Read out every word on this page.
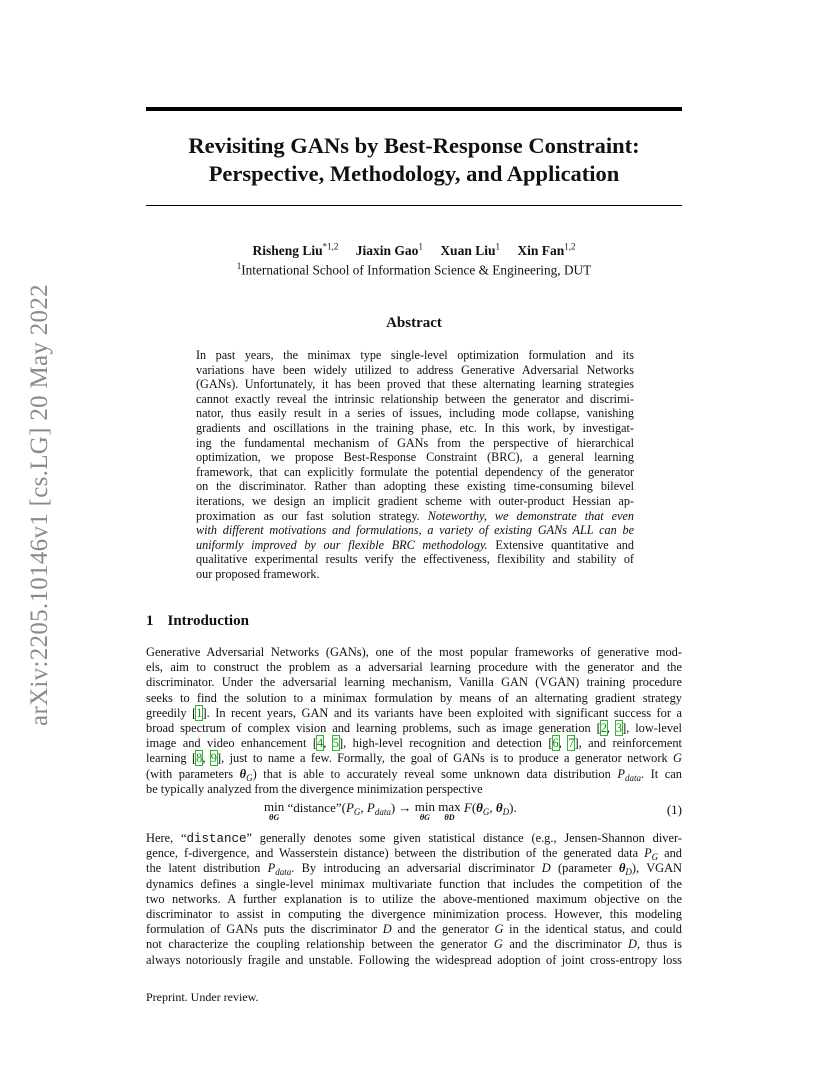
arXiv:2205.10146v1 [cs.LG] 20 May 2022
Revisiting GANs by Best-Response Constraint:
Perspective, Methodology, and Application
Risheng Liu$^{*1,2}$ Jiaxin Gao$^1$ Xuan Liu$^1$ Xin Fan$^{1,2}$
$^1$International School of Information Science & Engineering, DUT
Abstract
In past years, the minimax type single-level optimization formulation and its
variations have been widely utilized to address Generative Adversarial Networks
(GANs). Unfortunately, it has been proved that these alternating learning strategies
cannot exactly reveal the intrinsic relationship between the generator and discrimi-
nator, thus easily result in a series of issues, including mode collapse, vanishing
gradients and oscillations in the training phase, etc. In this work, by investigat-
ing the fundamental mechanism of GANs from the perspective of hierarchical
optimization, we propose Best-Response Constraint (BRC), a general learning
framework, that can explicitly formulate the potential dependency of the generator
on the discriminator. Rather than adopting these existing time-consuming bilevel
iterations, we design an implicit gradient scheme with outer-product Hessian ap-
proximation as our fast solution strategy. Noteworthy, we demonstrate that even
with different motivations and formulations, a variety of existing GANs ALL can be
uniformly improved by our flexible BRC methodology. Extensive quantitative and
qualitative experimental results verify the effectiveness, flexibility and stability of
our proposed framework.
1 Introduction
Generative Adversarial Networks (GANs), one of the most popular frameworks of generative mod-
els, aim to construct the problem as a adversarial learning procedure with the generator and the
discriminator. Under the adversarial learning mechanism, Vanilla GAN (VGAN) training procedure
seeks to find the solution to a minimax formulation by means of an alternating gradient strategy
greedily [1]. In recent years, GAN and its variants have been exploited with significant success for a
broad spectrum of complex vision and learning problems, such as image generation [2, 3], low-level
image and video enhancement [4, 5], high-level recognition and detection [6, 7], and reinforcement
learning [8, 9], just to name a few. Formally, the goal of GANs is to produce a generator network G
(with parameters $\theta_G$) that is able to accurately reveal some unknown data distribution $P_{data}$. It can
be typically analyzed from the divergence minimization perspective
min
θG
“$distance”(P_G$, $P_{data}) \to \min$
θG
max
θD
$F(\theta_G$, $\theta_D$).	(1)
Here, “distance” generally denotes some given statistical distance (e.g., Jensen-Shannon diver-
gence, f-divergence, and Wasserstein distance) between the distribution of the generated data $P_G$ and
the latent distribution $P_{data}$. By introducing an adversarial discriminator D (parameter $\theta_D$), VGAN
dynamics defines a single-level minimax multivariate function that includes the competition of the
two networks. A further explanation is to utilize the above-mentioned maximum objective on the
discriminator to assist in computing the divergence minimization process. However, this modeling
formulation of GANs puts the discriminator D and the generator G in the identical status, and could
not characterize the coupling relationship between the generator G and the discriminator D, thus is
always notoriously fragile and unstable. Following the widespread adoption of joint cross-entropy loss
Preprint. Under review.
